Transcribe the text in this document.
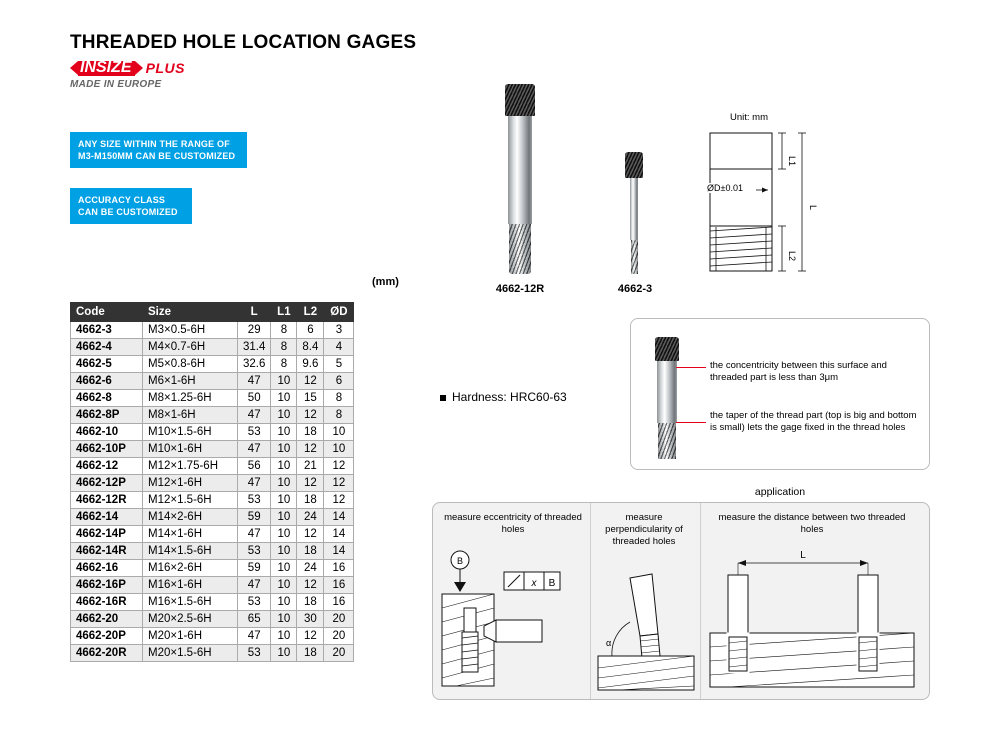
THREADED HOLE LOCATION GAGES
INSIZE PLUS
MADE IN EUROPE
ANY SIZE WITHIN THE RANGE OF M3-M150MM CAN BE CUSTOMIZED
ACCURACY CLASS CAN BE CUSTOMIZED
(mm)
Code	Size	L	L1	L2	ØD
4662-3	M3×0.5-6H	29	8	6	3
4662-4	M4×0.7-6H	31.4	8	8.4	4
4662-5	M5×0.8-6H	32.6	8	9.6	5
4662-6	M6×1-6H	47	10	12	6
4662-8	M8×1.25-6H	50	10	15	8
4662-8P	M8×1-6H	47	10	12	8
4662-10	M10×1.5-6H	53	10	18	10
4662-10P	M10×1-6H	47	10	12	10
4662-12	M12×1.75-6H	56	10	21	12
4662-12P	M12×1-6H	47	10	12	12
4662-12R	M12×1.5-6H	53	10	18	12
4662-14	M14×2-6H	59	10	24	14
4662-14P	M14×1-6H	47	10	12	14
4662-14R	M14×1.5-6H	53	10	18	14
4662-16	M16×2-6H	59	10	24	16
4662-16P	M16×1-6H	47	10	12	16
4662-16R	M16×1.5-6H	53	10	18	16
4662-20	M20×2.5-6H	65	10	30	20
4662-20P	M20×1-6H	47	10	12	20
4662-20R	M20×1.5-6H	53	10	18	20
4662-12R	4662-3
Unit: mm
L1
L
L2
ØD±0.01
Hardness: HRC60-63
the concentricity between this surface and threaded part is less than 3μm
the taper of the thread part (top is big and bottom is small) lets the gage fixed in the thread holes
application
measure eccentricity of threaded holes
measure perpendicularity of threaded holes
measure the distance between two threaded holes
B
x B
α
L
